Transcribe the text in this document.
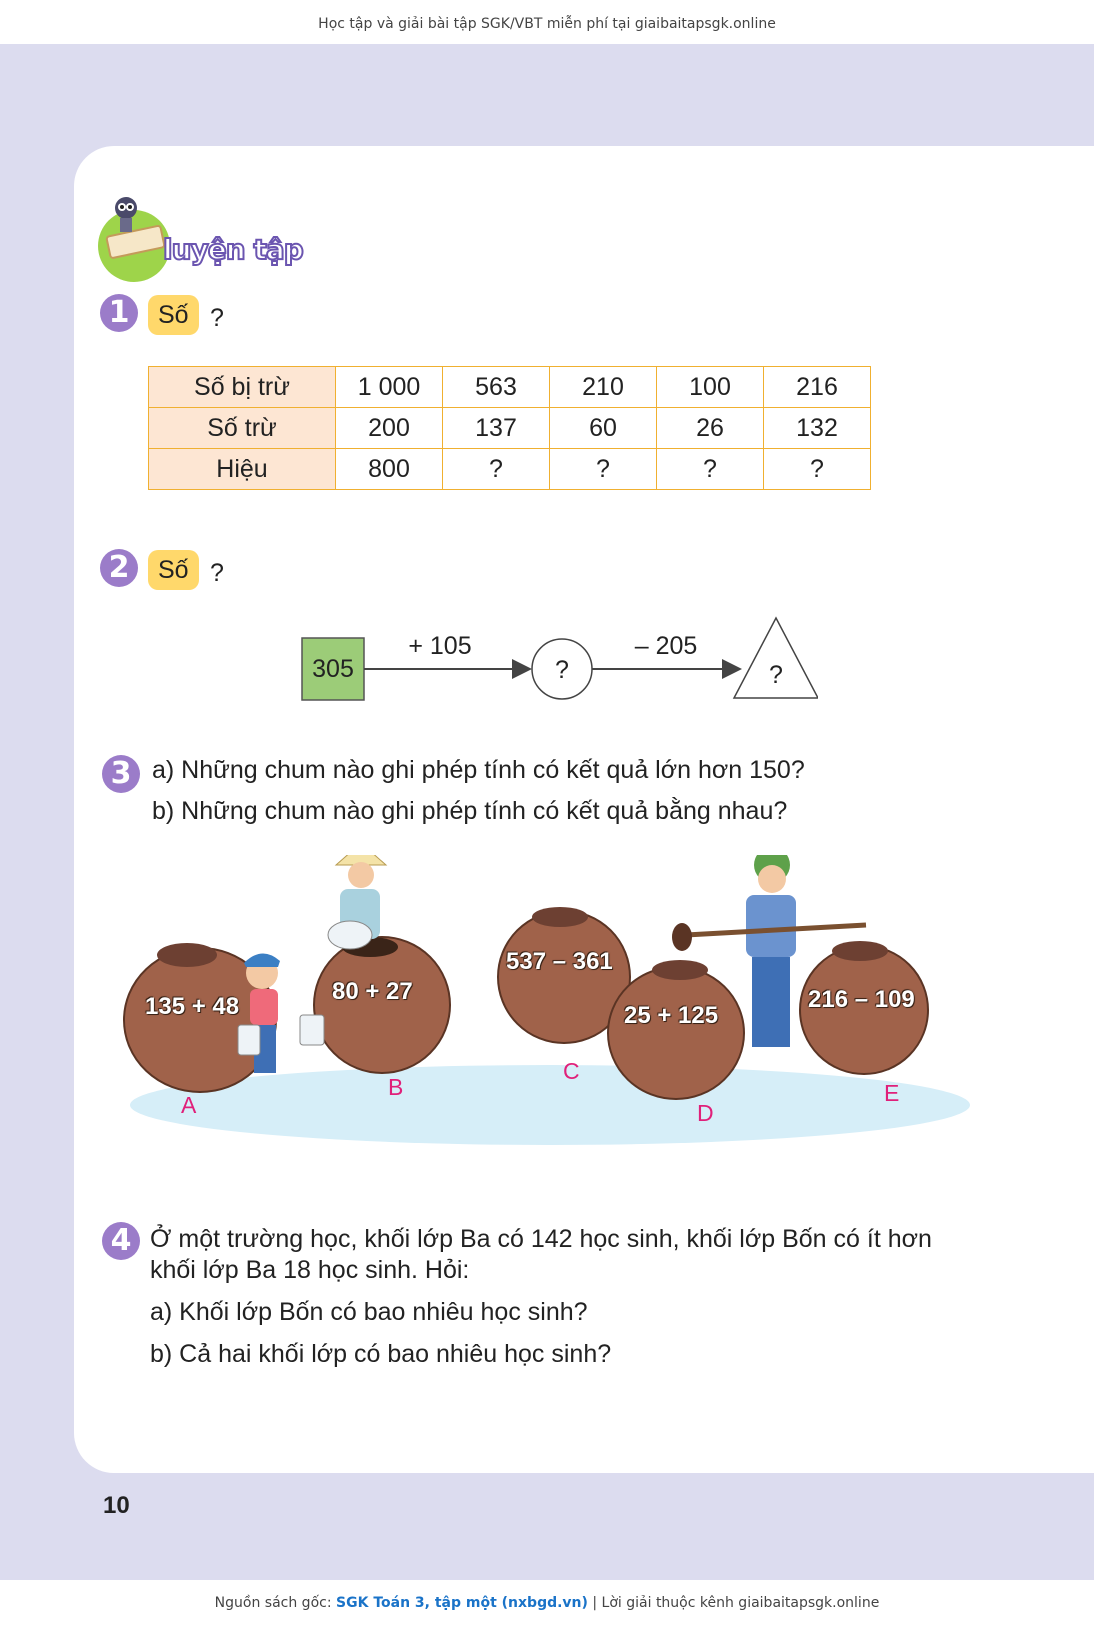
Học tập và giải bài tập SGK/VBT miễn phí tại giaibaitapsgk.online
luyện tập
1	Số ?
Số bị trừ	1 000	563	210	100	216
Số trừ	200	137	60	26	132
Hiệu	800	?	?	?	?
2	Số ?
305
+ 105
?
– 205
?
3 a) Những chum nào ghi phép tính có kết quả lớn hơn 150?
b) Những chum nào ghi phép tính có kết quả bằng nhau?
135 + 48
80 + 27
537 – 361
25 + 125
216 – 109
A
B
C
D
E
4 Ở một trường học, khối lớp Ba có 142 học sinh, khối lớp Bốn có ít hơn
khối lớp Ba 18 học sinh. Hỏi:
a) Khối lớp Bốn có bao nhiêu học sinh?
b) Cả hai khối lớp có bao nhiêu học sinh?
10
Nguồn sách gốc: SGK Toán 3, tập một (nxbgd.vn) | Lời giải thuộc kênh giaibaitapsgk.online
